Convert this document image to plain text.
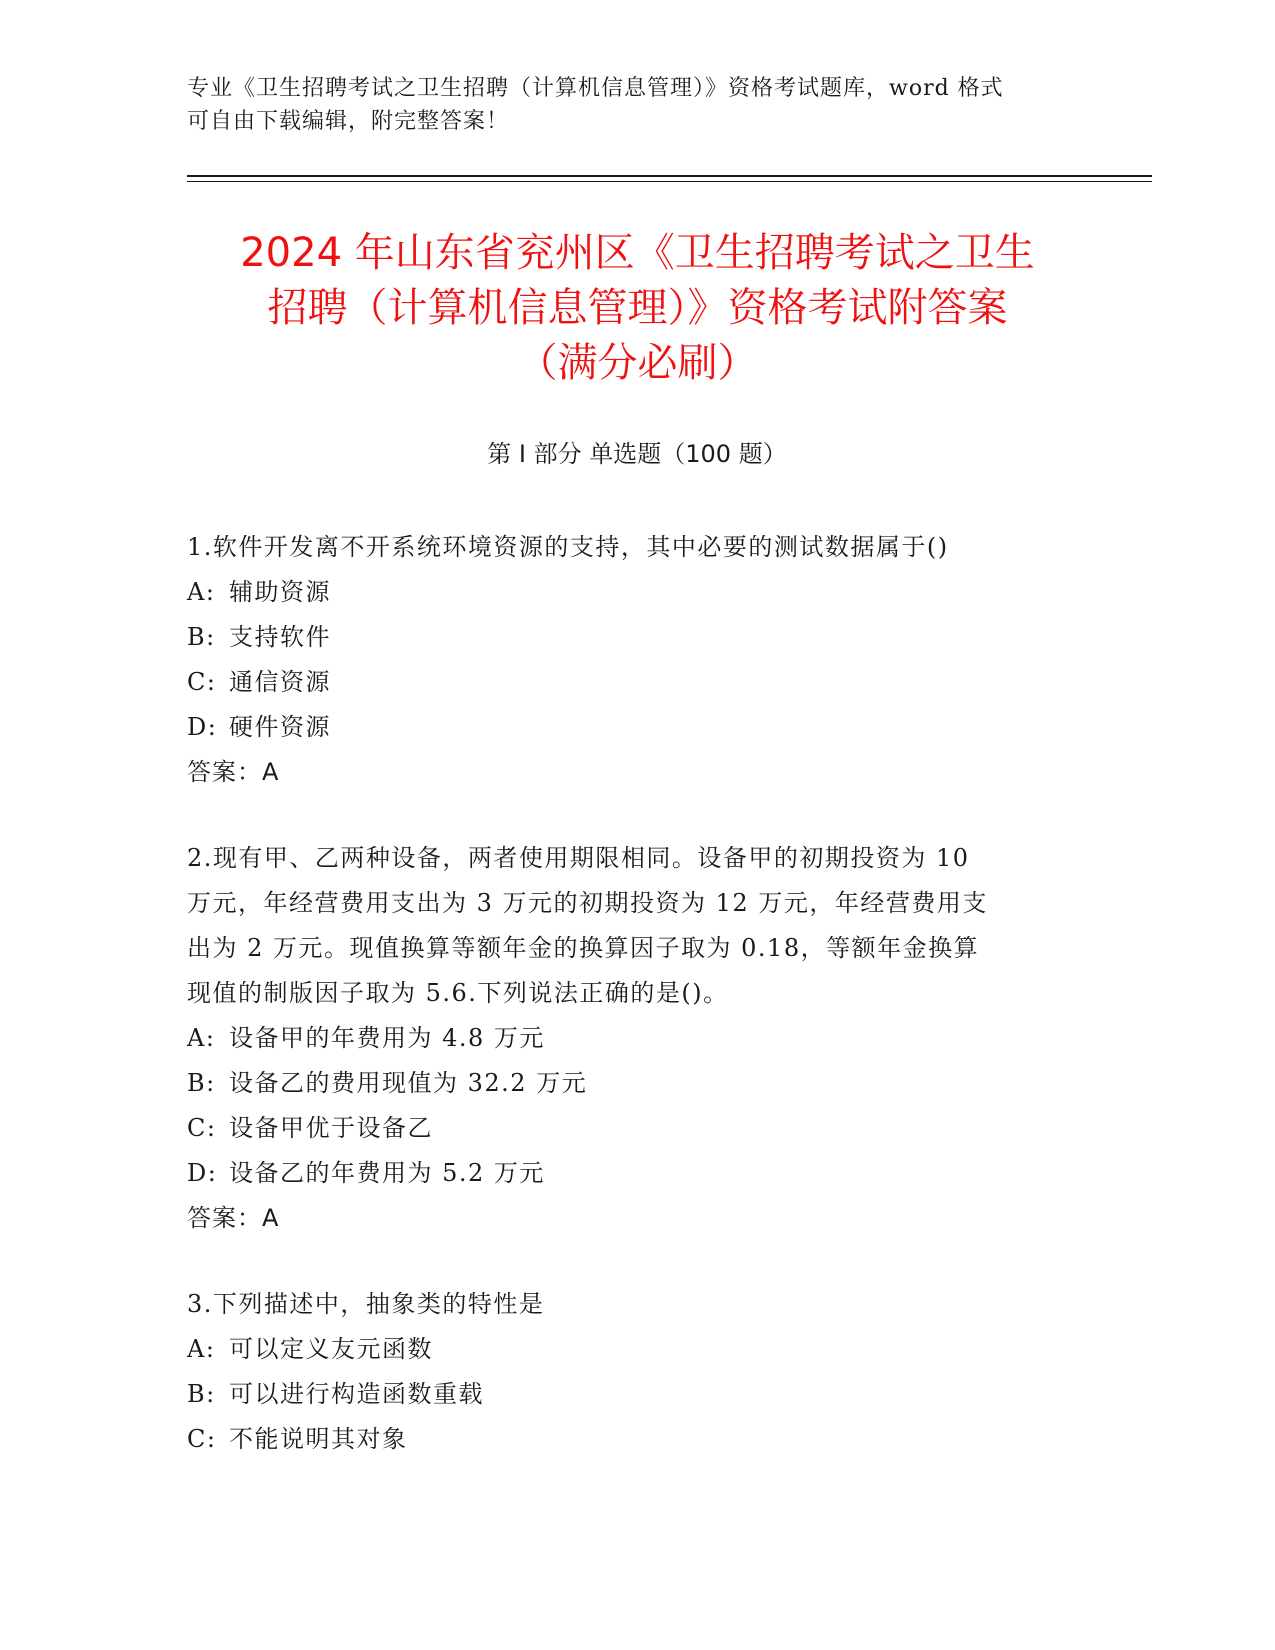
专业《卫生招聘考试之卫生招聘（计算机信息管理）》资格考试题库，word 格式
可自由下载编辑，附完整答案！
2024 年山东省兖州区《卫生招聘考试之卫生
招聘（计算机信息管理）》资格考试附答案
（满分必刷）
第 I 部分 单选题（100 题）
1.软件开发离不开系统环境资源的支持，其中必要的测试数据属于()
A: 辅助资源
B: 支持软件
C: 通信资源
D: 硬件资源
答案：A
2.现有甲、乙两种设备，两者使用期限相同。设备甲的初期投资为 10
万元，年经营费用支出为 3 万元的初期投资为 12 万元，年经营费用支
出为 2 万元。现值换算等额年金的换算因子取为 0.18，等额年金换算
现值的制版因子取为 5.6.下列说法正确的是()。
A: 设备甲的年费用为 4.8 万元
B: 设备乙的费用现值为 32.2 万元
C: 设备甲优于设备乙
D: 设备乙的年费用为 5.2 万元
答案：A
3.下列描述中，抽象类的特性是
A: 可以定义友元函数
B: 可以进行构造函数重载
C: 不能说明其对象
